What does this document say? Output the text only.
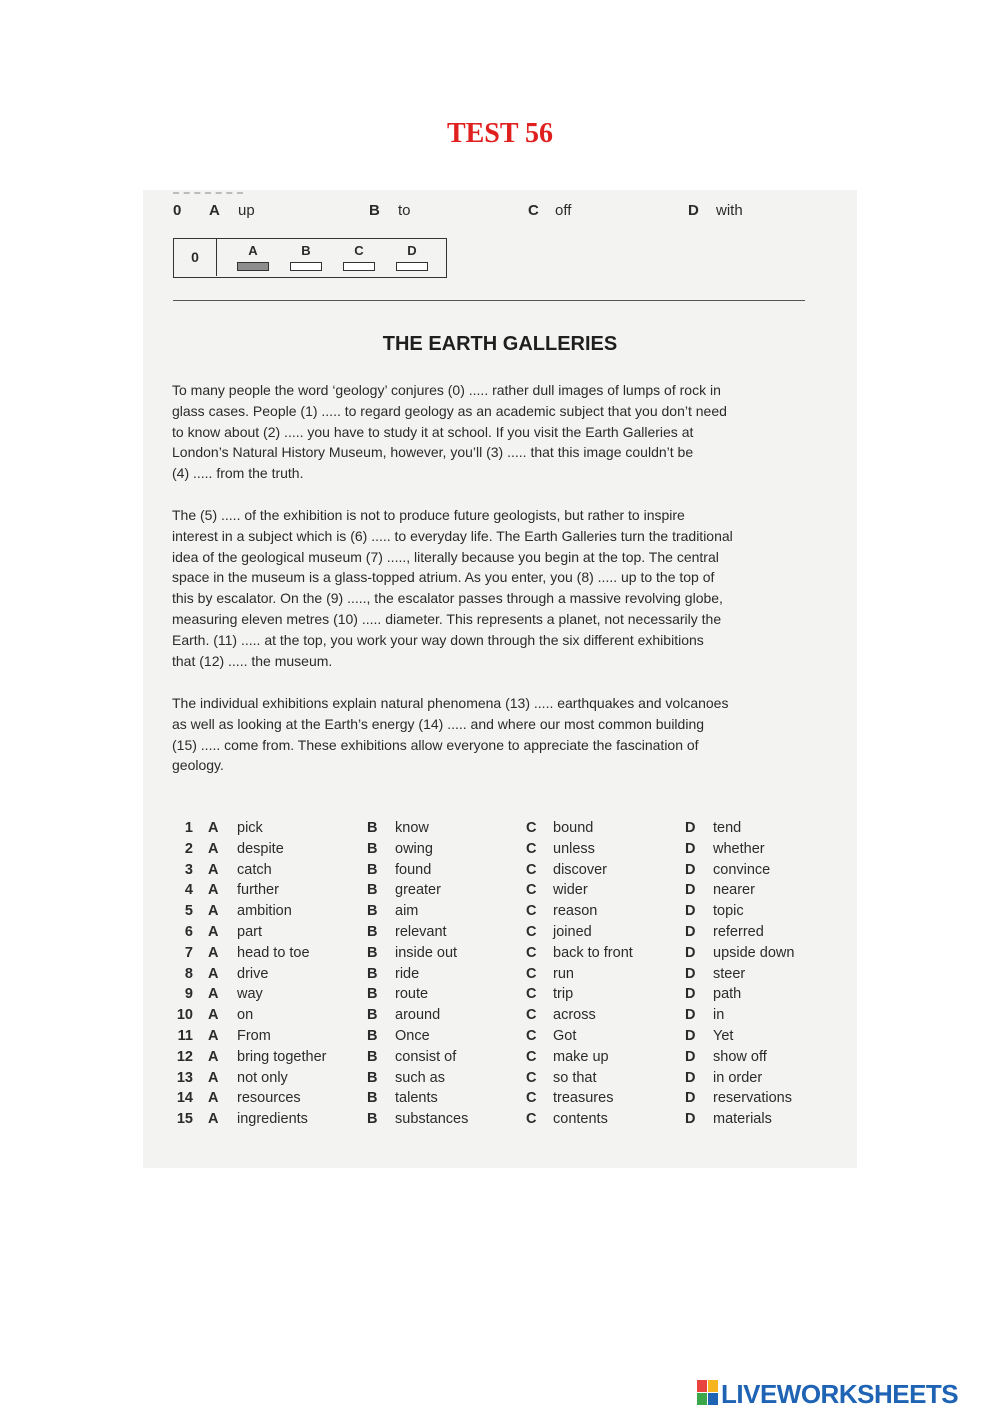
TEST 56
0 A up	B to	C off	D with
0	A	B	C	D
THE EARTH GALLERIES
To many people the word ‘geology’ conjures (0) ..... rather dull images of lumps of rock in
glass cases. People (1) ..... to regard geology as an academic subject that you don’t need
to know about (2) ..... you have to study it at school. If you visit the Earth Galleries at
London’s Natural History Museum, however, you’ll (3) ..... that this image couldn’t be
(4) ..... from the truth.
The (5) ..... of the exhibition is not to produce future geologists, but rather to inspire
interest in a subject which is (6) ..... to everyday life. The Earth Galleries turn the traditional
idea of the geological museum (7) ....., literally because you begin at the top. The central
space in the museum is a glass-topped atrium. As you enter, you (8) ..... up to the top of
this by escalator. On the (9) ....., the escalator passes through a massive revolving globe,
measuring eleven metres (10) ..... diameter. This represents a planet, not necessarily the
Earth. (11) ..... at the top, you work your way down through the six different exhibitions
that (12) ..... the museum.
The individual exhibitions explain natural phenomena (13) ..... earthquakes and volcanoes
as well as looking at the Earth’s energy (14) ..... and where our most common building
(15) ..... come from. These exhibitions allow everyone to appreciate the fascination of
geology.
1 A pick	B know	C bound	D tend
2 A despite	B owing	C unless	D whether
3 A catch	B found	C discover	D convince
4 A further	B greater	C wider	D nearer
5 A ambition	B aim	C reason	D topic
6 A part	B relevant	C joined	D referred
7 A head to toe	B inside out	C back to front	D upside down
8 A drive	B ride	C run	D steer
9 A way	B route	C trip	D path
10 A on	B around	C across	D in
11 A From	B Once	C Got	D Yet
12 A bring together	B consist of	C make up	D show off
13 A not only	B such as	C so that	D in order
14 A resources	B talents	C treasures	D reservations
15 A ingredients	B substances	C contents	D materials
LIVEWORKSHEETS
